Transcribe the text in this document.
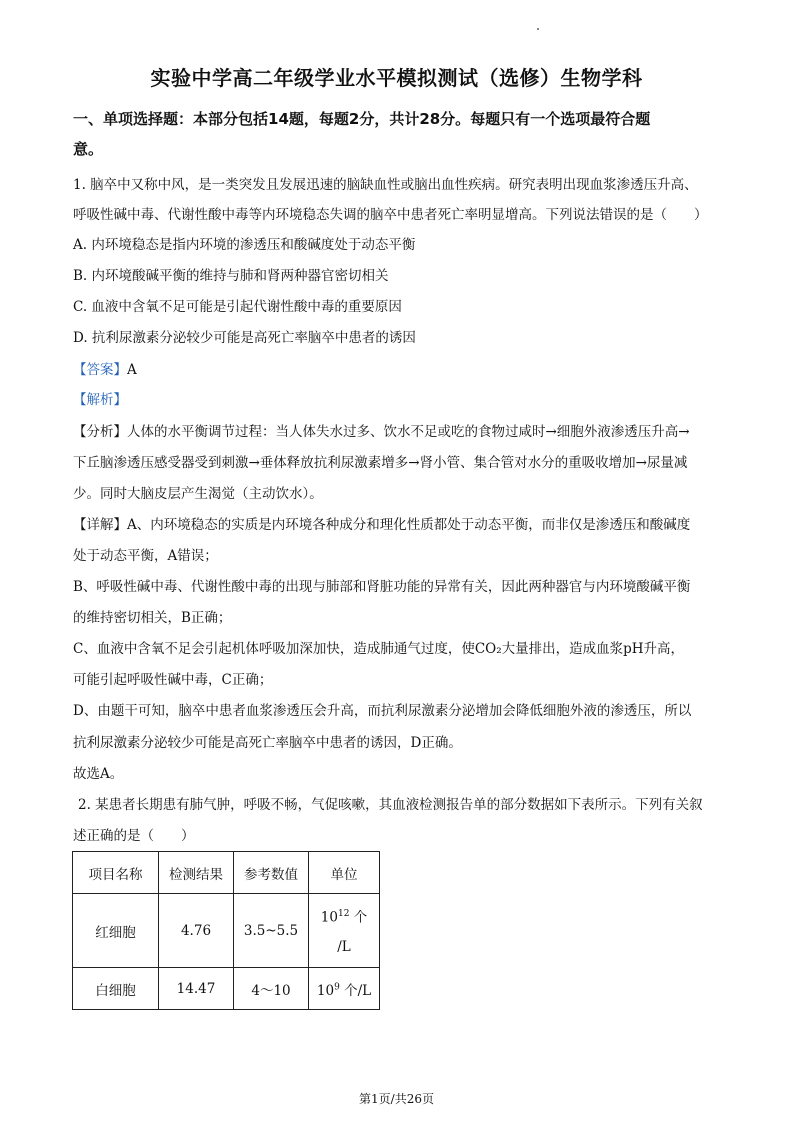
实验中学高二年级学业水平模拟测试（选修）生物学科
一、单项选择题：本部分包括14题，每题2分，共计28分。每题只有一个选项最符合题
意。
1. 脑卒中又称中风，是一类突发且发展迅速的脑缺血性或脑出血性疾病。研究表明出现血浆渗透压升高、
呼吸性碱中毒、代谢性酸中毒等内环境稳态失调的脑卒中患者死亡率明显增高。下列说法错误的是（　　）
A. 内环境稳态是指内环境的渗透压和酸碱度处于动态平衡
B. 内环境酸碱平衡的维持与肺和肾两种器官密切相关
C. 血液中含氧不足可能是引起代谢性酸中毒的重要原因
D. 抗利尿激素分泌较少可能是高死亡率脑卒中患者的诱因
【答案】A
【解析】
【分析】人体的水平衡调节过程：当人体失水过多、饮水不足或吃的食物过咸时→细胞外液渗透压升高→
下丘脑渗透压感受器受到刺激→垂体释放抗利尿激素增多→肾小管、集合管对水分的重吸收增加→尿量减
少。同时大脑皮层产生渴觉（主动饮水）。
【详解】A、内环境稳态的实质是内环境各种成分和理化性质都处于动态平衡，而非仅是渗透压和酸碱度
处于动态平衡，A错误；
B、呼吸性碱中毒、代谢性酸中毒的出现与肺部和肾脏功能的异常有关，因此两种器官与内环境酸碱平衡
的维持密切相关，B正确；
C、血液中含氧不足会引起机体呼吸加深加快，造成肺通气过度，使CO₂大量排出，造成血浆pH升高，
可能引起呼吸性碱中毒，C正确；
D、由题干可知，脑卒中患者血浆渗透压会升高，而抗利尿激素分泌增加会降低细胞外液的渗透压，所以
抗利尿激素分泌较少可能是高死亡率脑卒中患者的诱因，D正确。
故选A。
2. 某患者长期患有肺气肿，呼吸不畅，气促咳嗽，其血液检测报告单的部分数据如下表所示。下列有关叙
述正确的是（　　）
项目名称	检测结果	参考数值	单位
红细胞	4.76	3.5~5.5	$10^{12}$ 个
/L
白细胞	14.47	4～10	$10^9$ 个/L
第1页/共26页
